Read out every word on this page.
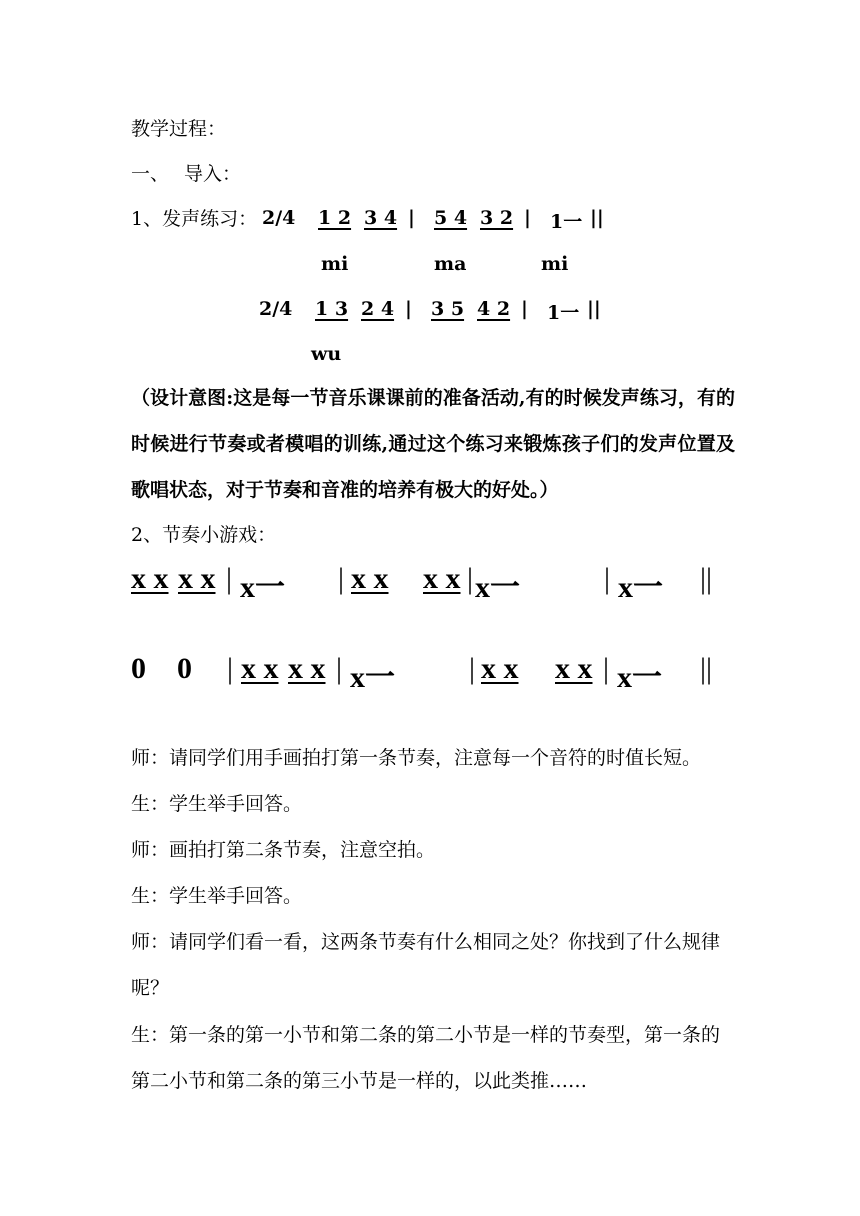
教学过程：
一、 导入：
1、发声练习： 2/4 1 2 3 4 | 5 4 3 2 | 1一 ||
mi	ma	mi
2/4 1 3 2 4 | 3 5 4 2 | 1一 ||
wu
（设计意图:这是每一节音乐课课前的准备活动,有的时候发声练习，有的时候进行节奏或者模唱的训练,通过这个练习来锻炼孩子们的发声位置及歌唱状态，对于节奏和音准的培养有极大的好处。）
2、节奏小游戏：
x x x x | x一 | x x x x | x一	| x一 ||
0 0 | x x x x | x一 | x x x x | x一 ||
师：请同学们用手画拍打第一条节奏，注意每一个音符的时值长短。
生：学生举手回答。
师：画拍打第二条节奏，注意空拍。
生：学生举手回答。
师：请同学们看一看，这两条节奏有什么相同之处？你找到了什么规律呢？
生：第一条的第一小节和第二条的第二小节是一样的节奏型，第一条的第二小节和第二条的第三小节是一样的，以此类推……
